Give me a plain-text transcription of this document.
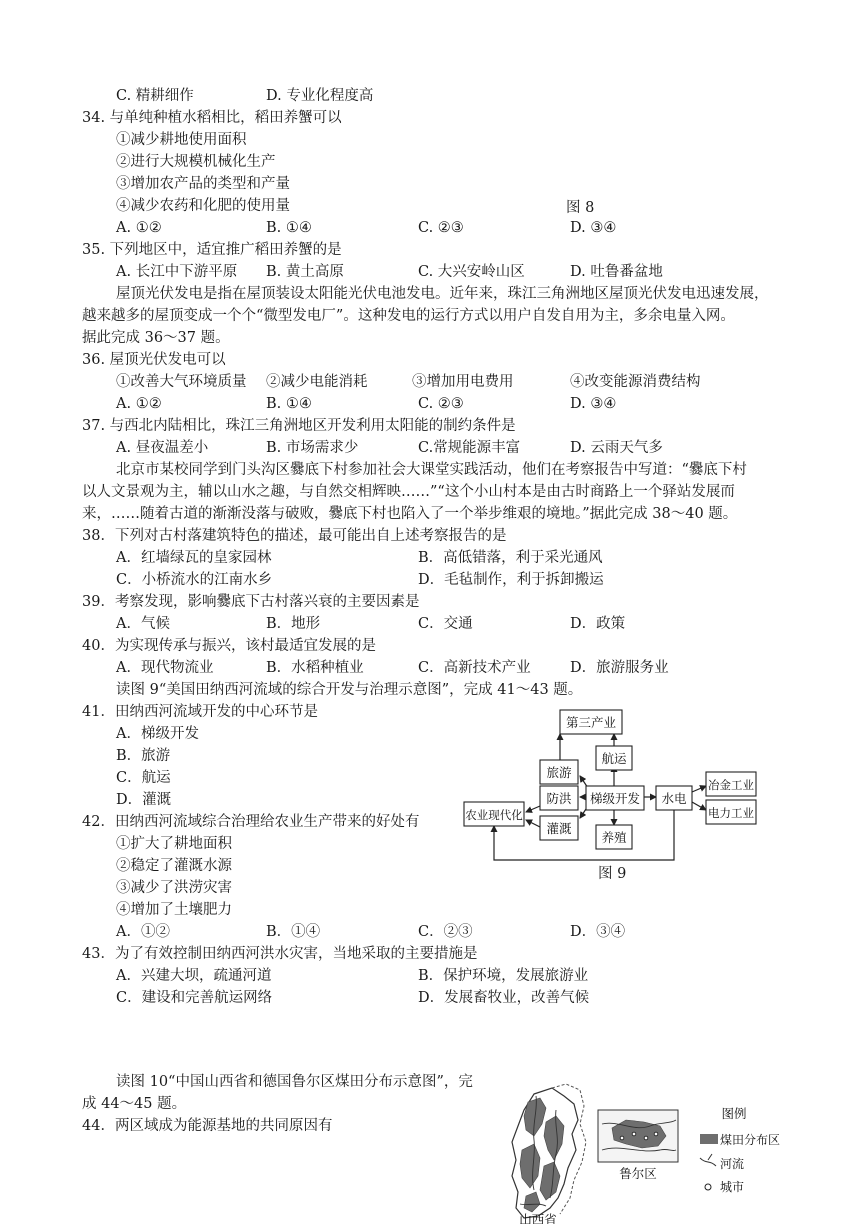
C. 精耕细作	D. 专业化程度高
34. 与单纯种植水稻相比，稻田养蟹可以
①减少耕地使用面积
②进行大规模机械化生产
③增加农产品的类型和产量
④减少农药和化肥的使用量	图 8
A. ①②	B. ①④	C. ②③	D. ③④
35. 下列地区中，适宜推广稻田养蟹的是
A. 长江中下游平原 B. 黄土高原	C. 大兴安岭山区	D. 吐鲁番盆地
屋顶光伏发电是指在屋顶装设太阳能光伏电池发电。近年来，珠江三角洲地区屋顶光伏发电迅速发展，
越来越多的屋顶变成一个个“微型发电厂”。这种发电的运行方式以用户自发自用为主，多余电量入网。
据此完成 36～37 题。
36. 屋顶光伏发电可以
①改善大气环境质量 ②减少电能消耗	③增加用电费用	④改变能源消费结构
A. ①②	B. ①④	C. ②③	D. ③④
37. 与西北内陆相比，珠江三角洲地区开发利用太阳能的制约条件是
A. 昼夜温差小	B. 市场需求少	C.常规能源丰富	D. 云雨天气多
北京市某校同学到门头沟区爨底下村参加社会大课堂实践活动，他们在考察报告中写道：“爨底下村
以人文景观为主，辅以山水之趣，与自然交相辉映……”“这个小山村本是由古时商路上一个驿站发展而
来，……随着古道的渐渐没落与破败，爨底下村也陷入了一个举步维艰的境地。”据此完成 38～40 题。
38．下列对古村落建筑特色的描述，最可能出自上述考察报告的是
A．红墙绿瓦的皇家园林	B．高低错落，利于采光通风
C．小桥流水的江南水乡	D．毛毡制作，利于拆卸搬运
39．考察发现，影响爨底下古村落兴衰的主要因素是
A．气候	B．地形	C．交通	D．政策
40．为实现传承与振兴，该村最适宜发展的是
A．现代物流业	B．水稻种植业	C．高新技术产业	D．旅游服务业
读图 9“美国田纳西河流域的综合开发与治理示意图”，完成 41～43 题。
41．田纳西河流域开发的中心环节是
A．梯级开发
B．旅游
C．航运
D．灌溉
42．田纳西河流域综合治理给农业生产带来的好处有
①扩大了耕地面积
②稳定了灌溉水源
③减少了洪涝灾害
④增加了土壤肥力
A．①②	B．①④	C．②③	D．③④
43．为了有效控制田纳西河洪水灾害，当地采取的主要措施是
A．兴建大坝，疏通河道	B．保护环境，发展旅游业
C．建设和完善航运网络	D．发展畜牧业，改善气候
读图 10“中国山西省和德国鲁尔区煤田分布示意图”，完
成 44～45 题。
44．两区域成为能源基地的共同原因有
第三产业
旅游
航运
防洪 梯级开发 水电
农业现代化
灌溉
养殖
冶金工业
电力工业
图 9
鲁尔区
山西省
图例
煤田分布区
河流
城市
